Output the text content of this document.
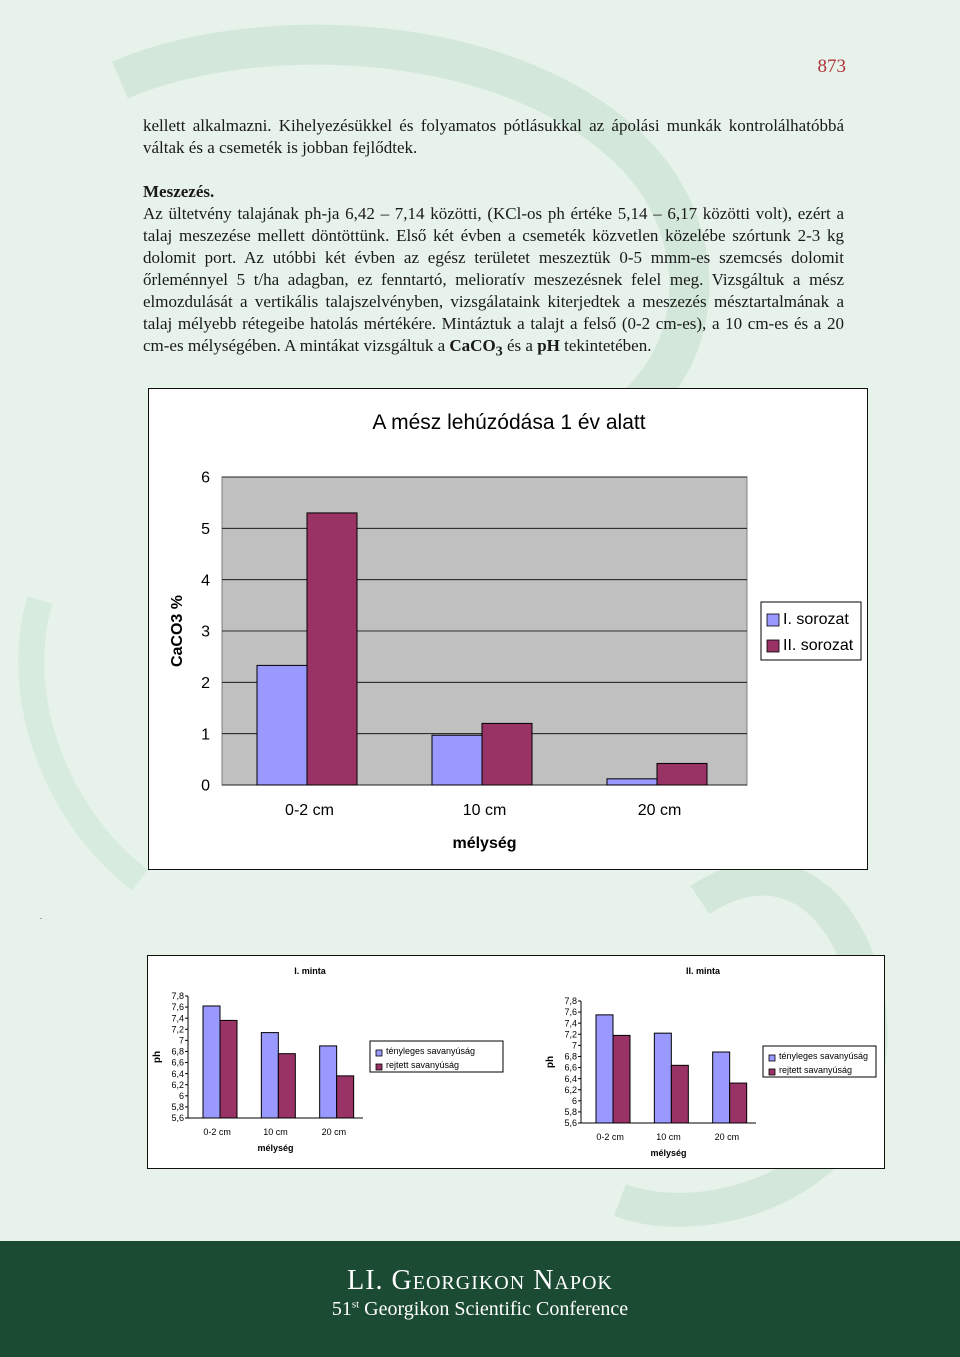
873

kellett alkalmazni. Kihelyezésükkel és folyamatos pótlásukkal az ápolási munkák kontrolálhatóbbá váltak és a csemeték is jobban fejlődtek.

Meszezés.

Az ültetvény talajának ph-ja 6,42 – 7,14 közötti, (KCl-os ph értéke 5,14 – 6,17 közötti volt), ezért a talaj meszezése mellett döntöttünk. Első két évben a csemeték közvetlen közelébe szórtunk 2-3 kg dolomit port. Az utóbbi két évben az egész területet meszeztük 0-5 mmm-es szemcsés dolomit őrleménnyel 5 t/ha adagban, ez fenntartó, melioratív meszezésnek felel meg. Vizsgáltuk a mész elmozdulását a vertikális talajszelvényben, vizsgálataink kiterjedtek a meszezés mésztartalmának a talaj mélyebb rétegeibe hatolás mértékére. Mintáztuk a talajt a felső (0-2 cm-es), a 10 cm-es és a 20 cm-es mélységében. A mintákat vizsgáltuk a CaCO$_3$ és a pH tekintetében.

0
1
2
3
4
5
6
0-2 cm	10 cm	20 cm
A mész lehúzódása 1 év alatt
mélység
CaCO3 %	I. sorozat
II. sorozat
.
5,6
5,8
6
6,2
6,4
6,6
6,8
7
7,2
7,4
7,6
7,8
0-2 cm	10 cm	20 cm
I. minta
mélység
ph	tényleges savanyúság
rejtett savanyúság
5,6
5,8
6
6,2
6,4
6,6
6,8
7
7,2
7,4
7,6
7,8
0-2 cm	10 cm	20 cm
II. minta
mélység
ph	tényleges savanyúság
rejtett savanyúság
LI. Georgikon Napok
51st Georgikon Scientific Conference
